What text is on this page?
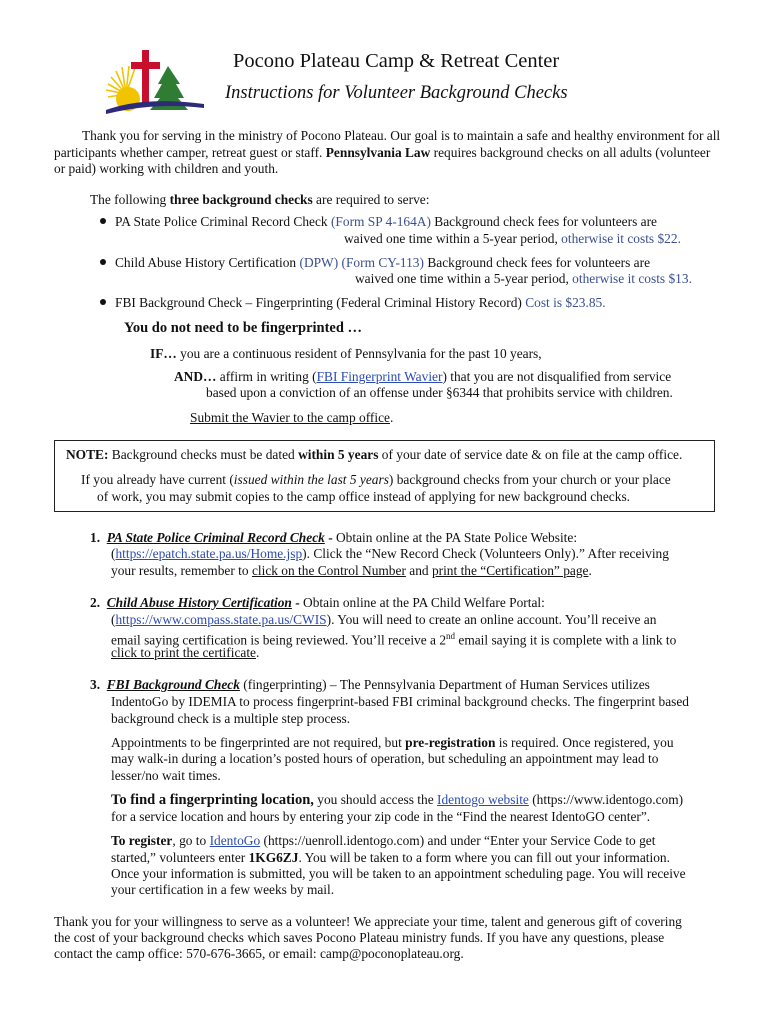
Pocono Plateau Camp & Retreat Center
Instructions for Volunteer Background Checks
Thank you for serving in the ministry of Pocono Plateau. Our goal is to maintain a safe and healthy environment for all participants whether camper, retreat guest or staff. Pennsylvania Law requires background checks on all adults (volunteer or paid) working with children and youth.
The following three background checks are required to serve:
PA State Police Criminal Record Check (Form SP 4-164A) Background check fees for volunteers are
waived one time within a 5-year period, otherwise it costs $22.
Child Abuse History Certification (DPW) (Form CY-113) Background check fees for volunteers are
waived one time within a 5-year period, otherwise it costs $13.
FBI Background Check – Fingerprinting (Federal Criminal History Record) Cost is $23.85.
You do not need to be fingerprinted …
IF… you are a continuous resident of Pennsylvania for the past 10 years,
AND… affirm in writing (FBI Fingerprint Wavier) that you are not disqualified from service
based upon a conviction of an offense under §6344 that prohibits service with children.
Submit the Wavier to the camp office.
NOTE: Background checks must be dated within 5 years of your date of service date & on file at the camp office.
If you already have current (issued within the last 5 years) background checks from your church or your place
of work, you may submit copies to the camp office instead of applying for new background checks.
1. PA State Police Criminal Record Check - Obtain online at the PA State Police Website:
(https://epatch.state.pa.us/Home.jsp). Click the “New Record Check (Volunteers Only).” After receiving
your results, remember to click on the Control Number and print the “Certification” page.
2. Child Abuse History Certification - Obtain online at the PA Child Welfare Portal:
(https://www.compass.state.pa.us/CWIS). You will need to create an online account. You’ll receive an
email saying certification is being reviewed. You’ll receive a 2nd email saying it is complete with a link to
click to print the certificate.
3. FBI Background Check (fingerprinting) – The Pennsylvania Department of Human Services utilizes
IndentoGo by IDEMIA to process fingerprint-based FBI criminal background checks. The fingerprint based
background check is a multiple step process.
Appointments to be fingerprinted are not required, but pre-registration is required. Once registered, you
may walk-in during a location’s posted hours of operation, but scheduling an appointment may lead to
lesser/no wait times.
To find a fingerprinting location, you should access the Identogo website (https://www.identogo.com)
for a service location and hours by entering your zip code in the “Find the nearest IdentoGO center”.
To register, go to IdentoGo (https://uenroll.identogo.com) and under “Enter your Service Code to get
started,” volunteers enter 1KG6ZJ. You will be taken to a form where you can fill out your information.
Once your information is submitted, you will be taken to an appointment scheduling page. You will receive
your certification in a few weeks by mail.
Thank you for your willingness to serve as a volunteer! We appreciate your time, talent and generous gift of covering
the cost of your background checks which saves Pocono Plateau ministry funds. If you have any questions, please
contact the camp office: 570-676-3665, or email: camp@poconoplateau.org.
